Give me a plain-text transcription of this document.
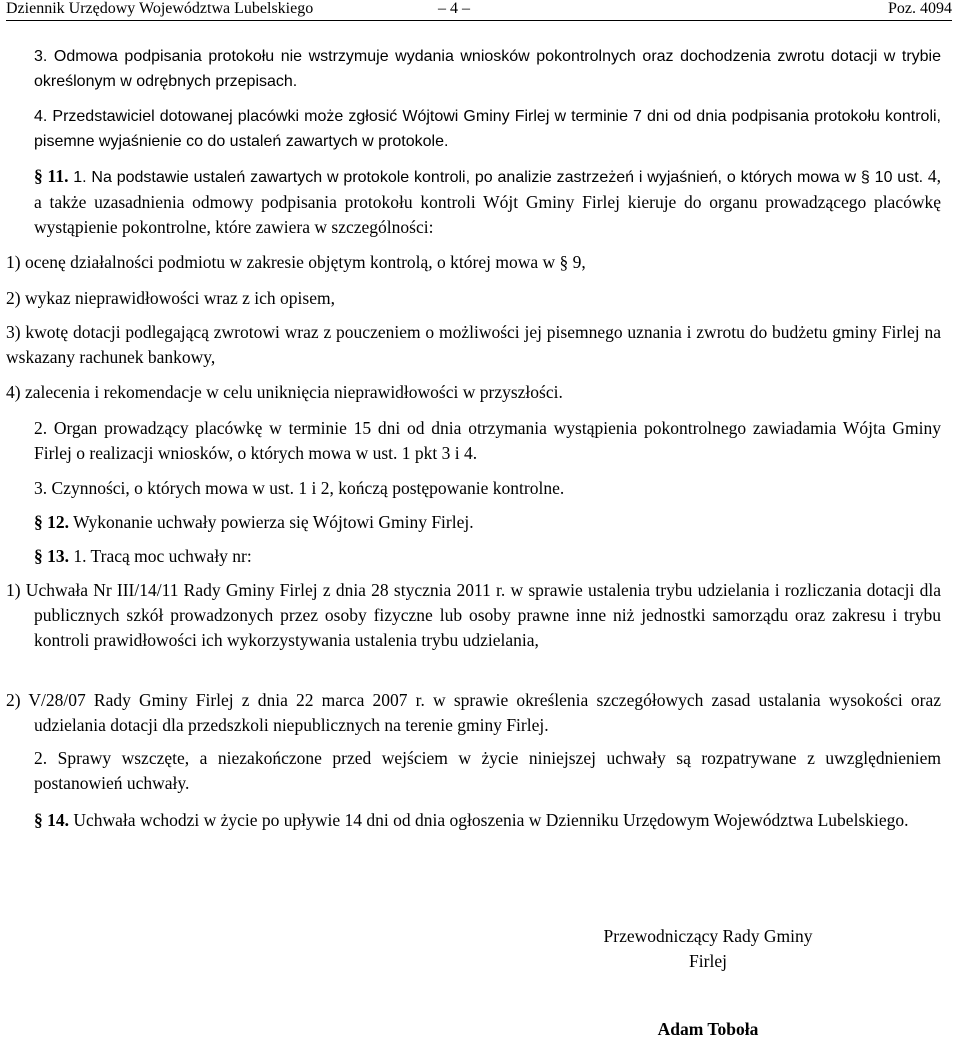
Dziennik Urzędowy Województwa Lubelskiego	– 4 –	Poz. 4094

3. Odmowa podpisania protokołu nie wstrzymuje wydania wniosków pokontrolnych oraz dochodzenia zwrotu dotacji w trybie określonym w odrębnych przepisach.

4. Przedstawiciel dotowanej placówki może zgłosić Wójtowi Gminy Firlej w terminie 7 dni od dnia podpisania protokołu kontroli, pisemne wyjaśnienie co do ustaleń zawartych w protokole.

§ 11. 1. Na podstawie ustaleń zawartych w protokole kontroli, po analizie zastrzeżeń i wyjaśnień, o których mowa w § 10 ust. 4, a także uzasadnienia odmowy podpisania protokołu kontroli Wójt Gminy Firlej kieruje do organu prowadzącego placówkę wystąpienie pokontrolne, które zawiera w szczególności:

1) ocenę działalności podmiotu w zakresie objętym kontrolą, o której mowa w § 9,

2) wykaz nieprawidłowości wraz z ich opisem,

3) kwotę dotacji podlegającą zwrotowi wraz z pouczeniem o możliwości jej pisemnego uznania i zwrotu do budżetu gminy Firlej na wskazany rachunek bankowy,

4) zalecenia i rekomendacje w celu uniknięcia nieprawidłowości w przyszłości.

2. Organ prowadzący placówkę w terminie 15 dni od dnia otrzymania wystąpienia pokontrolnego zawiadamia Wójta Gminy Firlej o realizacji wniosków, o których mowa w ust. 1 pkt 3 i 4.

3. Czynności, o których mowa w ust. 1 i 2, kończą postępowanie kontrolne.

§ 12. Wykonanie uchwały powierza się Wójtowi Gminy Firlej.

§ 13. 1. Tracą moc uchwały nr:

1) Uchwała Nr III/14/11 Rady Gminy Firlej z dnia 28 stycznia 2011 r. w sprawie ustalenia trybu udzielania i rozliczania dotacji dla publicznych szkół prowadzonych przez osoby fizyczne lub osoby prawne inne niż jednostki samorządu oraz zakresu i trybu kontroli prawidłowości ich wykorzystywania ustalenia trybu udzielania,

2) V/28/07 Rady Gminy Firlej z dnia 22 marca 2007 r. w sprawie określenia szczegółowych zasad ustalania wysokości oraz udzielania dotacji dla przedszkoli niepublicznych na terenie gminy Firlej.

2. Sprawy wszczęte, a niezakończone przed wejściem w życie niniejszej uchwały są rozpatrywane z uwzględnieniem postanowień uchwały.

§ 14. Uchwała wchodzi w życie po upływie 14 dni od dnia ogłoszenia w Dzienniku Urzędowym Województwa Lubelskiego.

Przewodniczący Rady Gminy
Firlej
Adam Toboła
